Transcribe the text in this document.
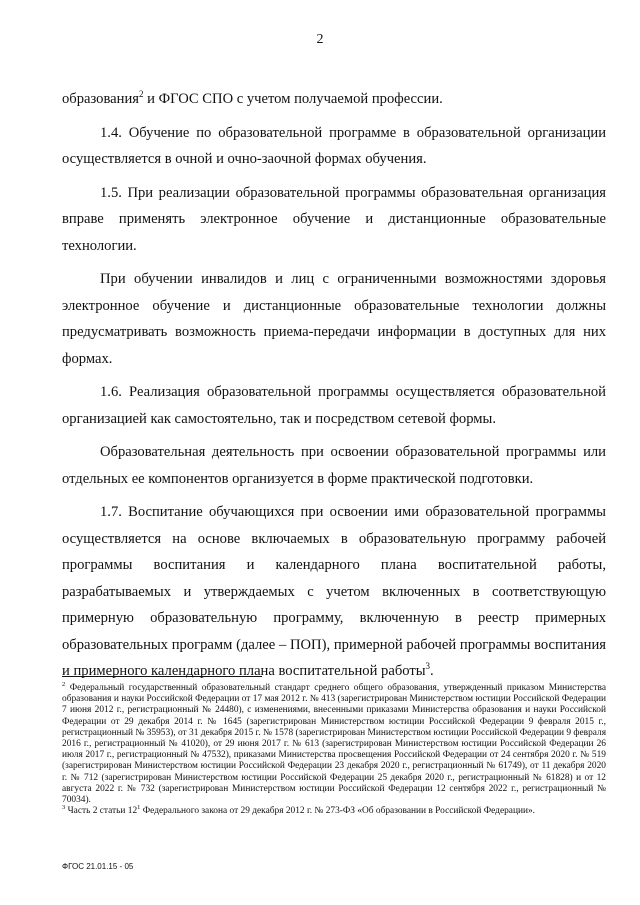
2

образования$^2$ и ФГОС СПО с учетом получаемой профессии.

1.4. Обучение по образовательной программе в образовательной организации осуществляется в очной и очно-заочной формах обучения.

1.5. При реализации образовательной программы образовательная организация вправе применять электронное обучение и дистанционные образовательные технологии.

При обучении инвалидов и лиц с ограниченными возможностями здоровья электронное обучение и дистанционные образовательные технологии должны предусматривать возможность приема-передачи информации в доступных для них формах.

1.6. Реализация образовательной программы осуществляется образовательной организацией как самостоятельно, так и посредством сетевой формы.

Образовательная деятельность при освоении образовательной программы или отдельных ее компонентов организуется в форме практической подготовки.

1.7. Воспитание обучающихся при освоении ими образовательной программы осуществляется на основе включаемых в образовательную программу рабочей программы воспитания и календарного плана воспитательной работы, разрабатываемых и утверждаемых с учетом включенных в соответствующую примерную образовательную программу, включенную в реестр примерных образовательных программ (далее – ПОП), примерной рабочей программы воспитания и примерного календарного плана воспитательной работы$^3$.

$^2$ Федеральный государственный образовательный стандарт среднего общего образования, утвержденный приказом Министерства образования и науки Российской Федерации от 17 мая 2012 г. № 413 (зарегистрирован Министерством юстиции Российской Федерации 7 июня 2012 г., регистрационный № 24480), с изменениями, внесенными приказами Министерства образования и науки Российской Федерации от 29 декабря 2014 г. № 1645 (зарегистрирован Министерством юстиции Российской Федерации 9 февраля 2015 г., регистрационный № 35953), от 31 декабря 2015 г. № 1578 (зарегистрирован Министерством юстиции Российской Федерации 9 февраля 2016 г., регистрационный № 41020), от 29 июня 2017 г. № 613 (зарегистрирован Министерством юстиции Российской Федерации 26 июля 2017 г., регистрационный № 47532), приказами Министерства просвещения Российской Федерации от 24 сентября 2020 г. № 519 (зарегистрирован Министерством юстиции Российской Федерации 23 декабря 2020 г., регистрационный № 61749), от 11 декабря 2020 г. № 712 (зарегистрирован Министерством юстиции Российской Федерации 25 декабря 2020 г., регистрационный № 61828) и от 12 августа 2022 г. № 732 (зарегистрирован Министерством юстиции Российской Федерации 12 сентября 2022 г., регистрационный № 70034).

$^3$ Часть 2 статьи $12^1$ Федерального закона от 29 декабря 2012 г. № 273-ФЗ «Об образовании в Российской Федерации».

ФГОС 21.01.15 - 05
